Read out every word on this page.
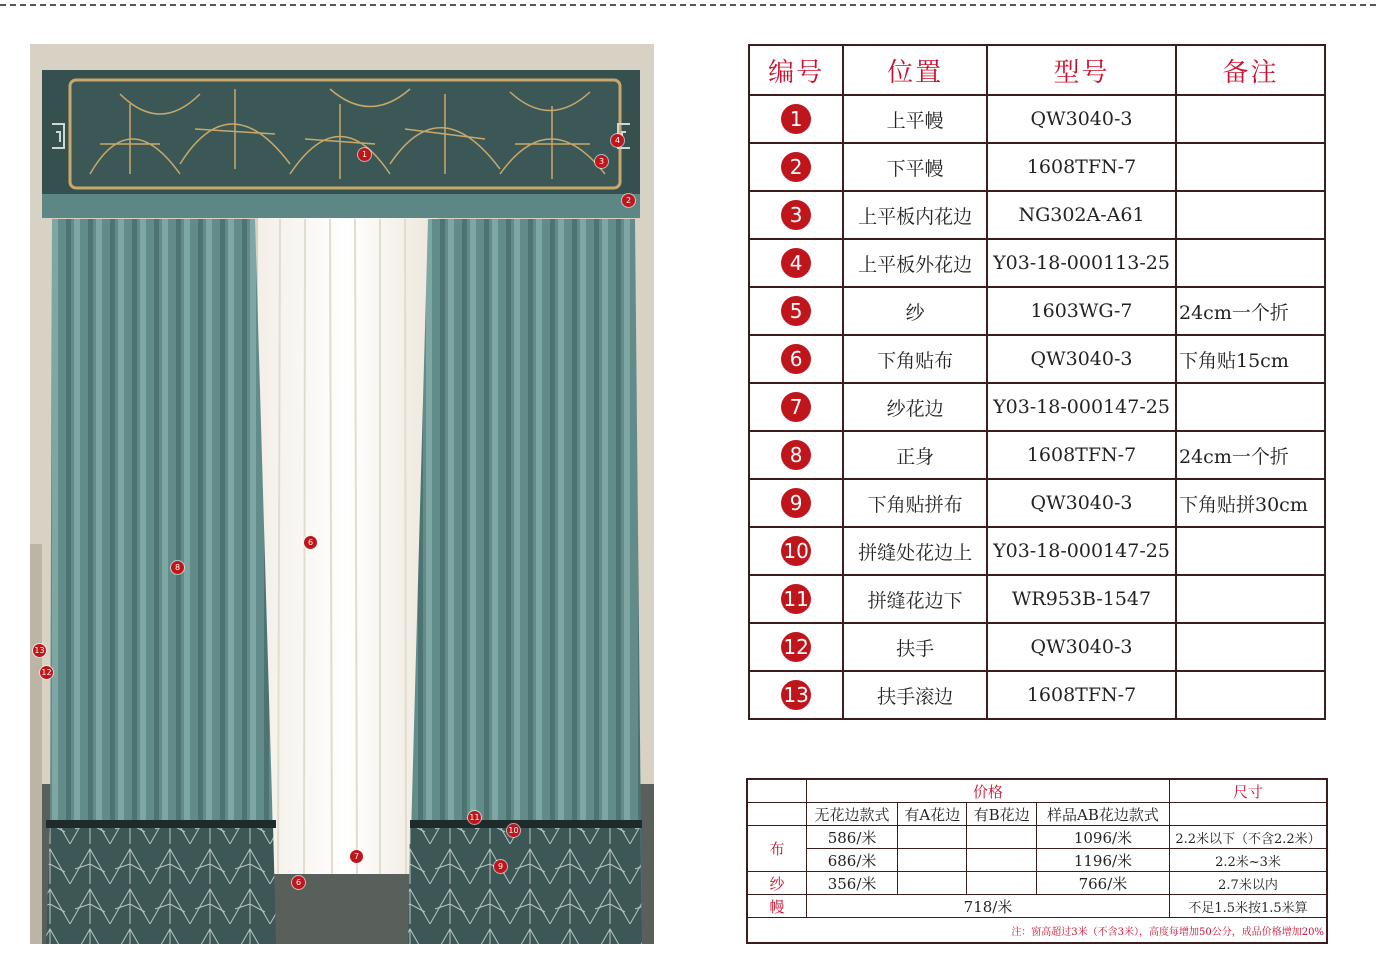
1
2
3
4
6
6
7
8
9
10
11
12
13
编号	位置	型号	备注
1	上平幔	QW3040-3	
2	下平幔	1608TFN-7	
3	上平板内花边	NG302A-A61	
4	上平板外花边	Y03-18-000113-25	
5	纱	1603WG-7	24cm一个折
6	下角贴布	QW3040-3	下角贴15cm
7	纱花边	Y03-18-000147-25	
8	正身	1608TFN-7	24cm一个折
9	下角贴拼布	QW3040-3	下角贴拼30cm
10	拼缝处花边上	Y03-18-000147-25	
11	拼缝花边下	WR953B-1547	
12	扶手	QW3040-3	
13	扶手滚边	1608TFN-7	
	价格				尺寸
	无花边款式	有A花边	有B花边	样品AB花边款式	
布	586/米			1096/米	2.2米以下（不含2.2米）
	686/米			1196/米	2.2米~3米
纱	356/米			766/米	2.7米以内
幔	718/米				不足1.5米按1.5米算
注：窗高超过3米（不含3米），高度每增加50公分，成品价格增加20%					
